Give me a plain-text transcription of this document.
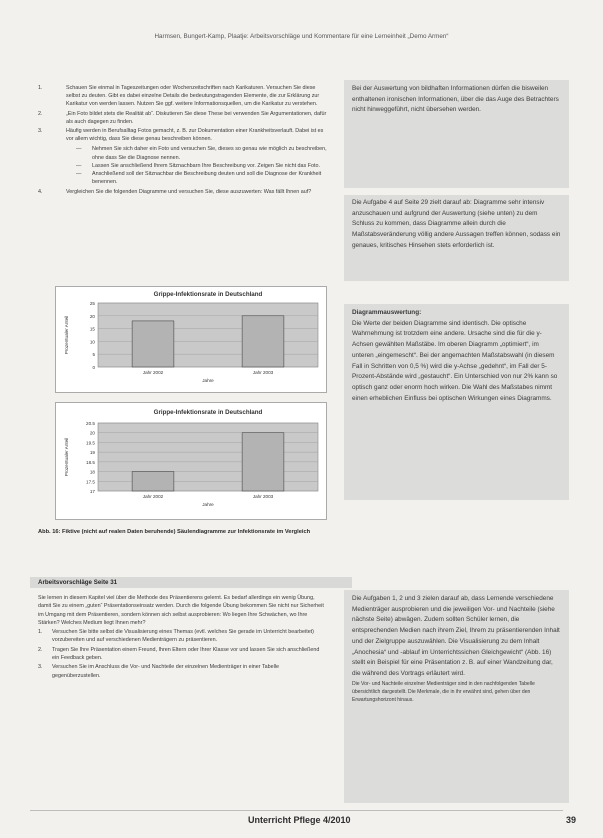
Harmsen, Bungert-Kamp, Plaatje: Arbeitsvorschläge und Kommentare für eine Lerneinheit „Demo Armen“
1.	Schauen Sie einmal in Tageszeitungen oder Wochenzeitschriften nach Karikaturen. Versuchen Sie diese selbst zu deuten. Gibt es dabei einzelne Details die bedeutungstragenden Elemente, die zur Erklärung zur Karikatur von werden lassen. Nutzen Sie ggf. weitere Informationsquellen, um die Karikatur zu verstehen.
2.	„Ein Foto bildet stets die Realität ab“. Diskutieren Sie diese These bei verwenden Sie Argumentationen, dafür als auch dagegen zu finden.
3.	Häufig werden in Berufsalltag Fotos gemacht, z. B. zur Dokumentation einer Krankheitsverlauft. Dabei ist es vor allem wichtig, dass Sie diese genau beschreiben können.
— Nehmen Sie sich daher ein Foto und versuchen Sie, dieses so genau wie möglich zu beschreiben, ohne dass Sie die Diagnose nennen.
— Lassen Sie anschließend Ihrem Sitznachbarn Ihre Beschreibung vor. Zeigen Sie nicht das Foto.
— Anschließend soll der Sitznachbar die Beschreibung deuten und soll die Diagnose der Krankheit benennen.
4.	Vergleichen Sie die folgenden Diagramme und versuchen Sie, diese auszuwerten: Was fällt Ihnen auf?
Grippe-Infektionsrate in Deutschland
0
5
10
15
20
25
Prozentualer Anteil
Jahr 2002	Jahr 2003
Jahre
Grippe-Infektionsrate in Deutschland
17
17.5
18
18.5
19
19.5
20
20.5
Prozentualer Anteil
Jahr 2002	Jahr 2003
Jahre
Abb. 16: Fiktive (nicht auf realen Daten beruhende) Säulendiagramme zur Infektionsrate im Vergleich
Bei der Auswertung von bildhaften Informationen dürfen die bisweilen enthaltenen ironischen Informationen, über die das Auge des Betrachters nicht hinweggeführt, nicht übersehen werden.
Die Aufgabe 4 auf Seite 29 zielt darauf ab: Diagramme sehr intensiv anzuschauen und aufgrund der Auswertung (siehe unten) zu dem Schluss zu kommen, dass Diagramme allein durch die Maßstabsveränderung völlig andere Aussagen treffen können, sodass ein genaues, kritisches Hinsehen stets erforderlich ist.
Diagrammauswertung:
Die Werte der beiden Diagramme sind identisch. Die optische Wahrnehmung ist trotzdem eine andere. Ursache sind die für die y-Achsen gewählten Maßstäbe. Im oberen Diagramm „optimiert“, im unteren „eingemescht“. Bei der angemachten Maßstabswahl (in diesem Fall in Schritten von 0,5 %) wird die y-Achse „gedehnt“, im Fall der 5-Prozent-Abstände wird „gestaucht“. Ein Unterschied von nur 2% kann so optisch ganz oder enorm hoch wirken. Die Wahl des Maßstabes nimmt einen erheblichen Einfluss bei optischen Wirkungen eines Diagramms.
Arbeitsvorschläge Seite 31

Sie lernen in diesem Kapitel viel über die Methode des Präsentierens gelernt. Es bedarf allerdings ein wenig Übung, damit Sie zu einem „guten“ Präsentationseinsatz werden. Durch die folgende Übung bekommen Sie nicht nur Sicherheit im Umgang mit dem Präsentieren, sondern können sich selbst ausprobieren: Wo liegen Ihre Schwächen, wo Ihre Stärken? Welches Medium liegt Ihnen mehr?

1.	Versuchen Sie bitte selbst die Visualisierung eines Themas (evtl. welches Sie gerade im Unterricht bearbeitet) vorzubereiten und auf verschiedenen Medienträgern zu präsentieren.
2.	Tragen Sie Ihre Präsentation einem Freund, Ihren Eltern oder Ihrer Klasse vor und lassen Sie sich anschließend ein Feedback geben.
3.	Versuchen Sie im Anschluss die Vor- und Nachteile der einzelnen Medienträger in einer Tabelle gegenüberzustellen.
Die Aufgaben 1, 2 und 3 zielen darauf ab, dass Lernende verschiedene Medienträger ausprobieren und die jeweiligen Vor- und Nachteile (siehe nächste Seite) abwägen. Zudem sollten Schüler lernen, die entsprechenden Medien nach ihrem Ziel, Ihrem zu präsentierenden Inhalt und der Zielgruppe auszuwählen. Die Visualisierung zu dem Inhalt „Anochesia“ und -ablauf im Unterrichtssichen Gleichgewicht“ (Abb. 16) stellt ein Beispiel für eine Präsentation z. B. auf einer Wandzeitung dar, die während des Vortrags erläutert wird.
Die Vor- und Nachteile einzelner Medienträger sind in den nachfolgenden Tabelle übersichtlich dargestellt. Die Merkmale, die in ihr erwähnt sind, gehen über den Erwartungshorizont hinaus.
Unterricht Pflege 4/2010	39
